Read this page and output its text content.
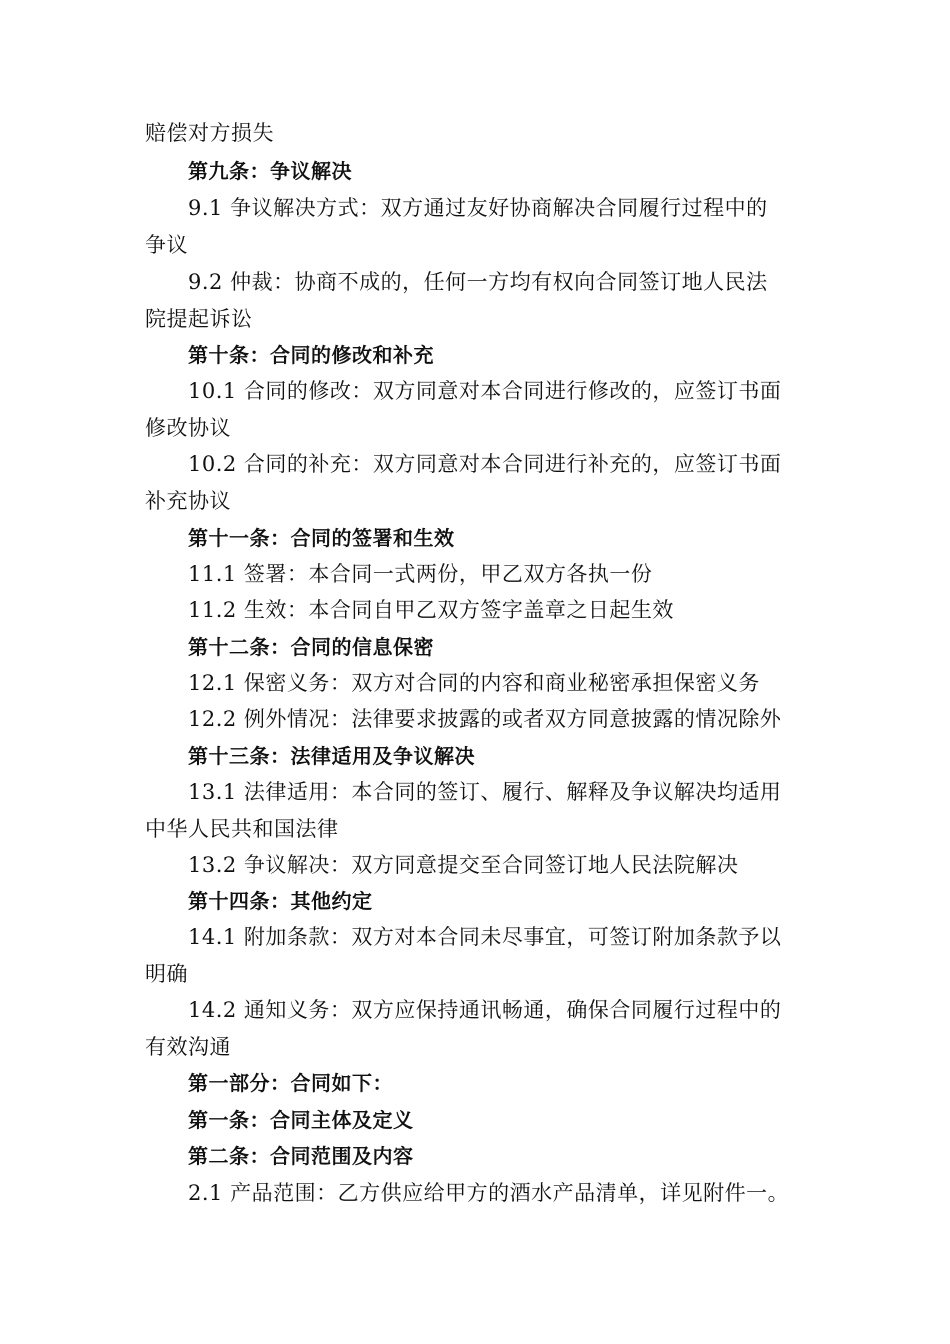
赔偿对方损失
第九条：争议解决
9.1 争议解决方式：双方通过友好协商解决合同履行过程中的
争议
9.2 仲裁：协商不成的，任何一方均有权向合同签订地人民法
院提起诉讼
第十条：合同的修改和补充
10.1 合同的修改：双方同意对本合同进行修改的，应签订书面
修改协议
10.2 合同的补充：双方同意对本合同进行补充的，应签订书面
补充协议
第十一条：合同的签署和生效
11.1 签署：本合同一式两份，甲乙双方各执一份
11.2 生效：本合同自甲乙双方签字盖章之日起生效
第十二条：合同的信息保密
12.1 保密义务：双方对合同的内容和商业秘密承担保密义务
12.2 例外情况：法律要求披露的或者双方同意披露的情况除外
第十三条：法律适用及争议解决
13.1 法律适用：本合同的签订、履行、解释及争议解决均适用
中华人民共和国法律
13.2 争议解决：双方同意提交至合同签订地人民法院解决
第十四条：其他约定
14.1 附加条款：双方对本合同未尽事宜，可签订附加条款予以
明确
14.2 通知义务：双方应保持通讯畅通，确保合同履行过程中的
有效沟通
第一部分：合同如下：
第一条：合同主体及定义
第二条：合同范围及内容
2.1 产品范围：乙方供应给甲方的酒水产品清单，详见附件一。
